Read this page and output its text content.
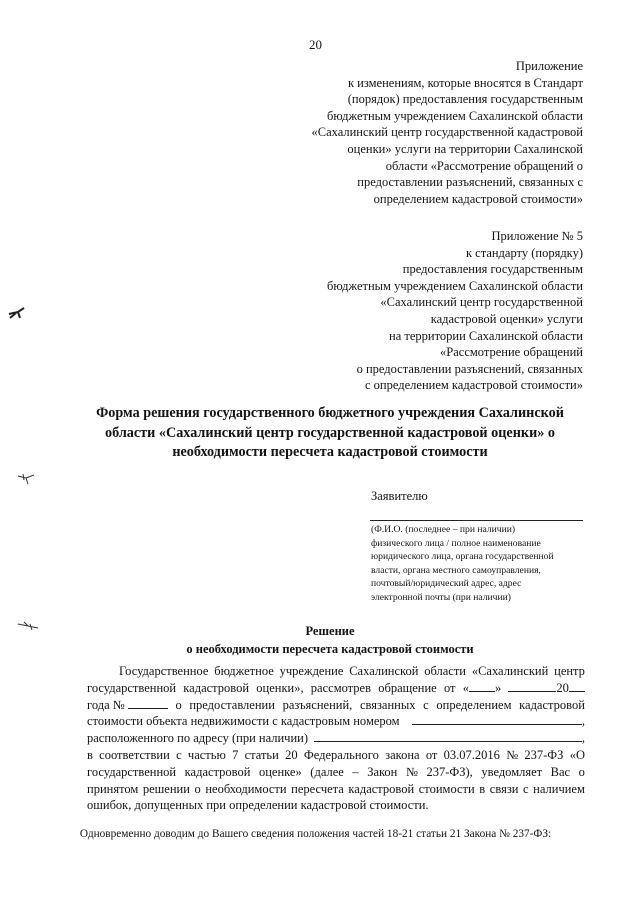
20
Приложение
к изменениям, которые вносятся в Стандарт
(порядок) предоставления государственным
бюджетным учреждением Сахалинской области
«Сахалинский центр государственной кадастровой
оценки» услуги на территории Сахалинской
области «Рассмотрение обращений о
предоставлении разъяснений, связанных с
определением кадастровой стоимости»
Приложение № 5
к стандарту (порядку)
предоставления государственным
бюджетным учреждением Сахалинской области
«Сахалинский центр государственной
кадастровой оценки» услуги
на территории Сахалинской области
«Рассмотрение обращений
о предоставлении разъяснений, связанных
с определением кадастровой стоимости»
Форма решения государственного бюджетного учреждения Сахалинской
области «Сахалинский центр государственной кадастровой оценки» о
необходимости пересчета кадастровой стоимости
Заявителю
(Ф.И.О. (последнее – при наличии)
физического лица / полное наименование
юридического лица, органа государственной
власти, органа местного самоуправления,
почтовый/юридический адрес, адрес
электронной почты (при наличии)
Решение
о необходимости пересчета кадастровой стоимости
Государственное бюджетное учреждение Сахалинской области «Сахалинский центр
государственной кадастровой оценки», рассмотрев обращение от « »	20
года №	о предоставлении разъяснений, связанных с определением кадастровой
стоимости объекта недвижимости с кадастровым номером	,
расположенного по адресу (при наличии)	,
в соответствии с частью 7 статьи 20 Федерального закона от 03.07.2016 № 237-ФЗ «О
государственной кадастровой оценке» (далее – Закон № 237-ФЗ), уведомляет Вас о
принятом решении о необходимости пересчета кадастровой стоимости в связи с наличием
ошибок, допущенных при определении кадастровой стоимости.
Одновременно доводим до Вашего сведения положения частей 18-21 статьи 21 Закона № 237-ФЗ:
